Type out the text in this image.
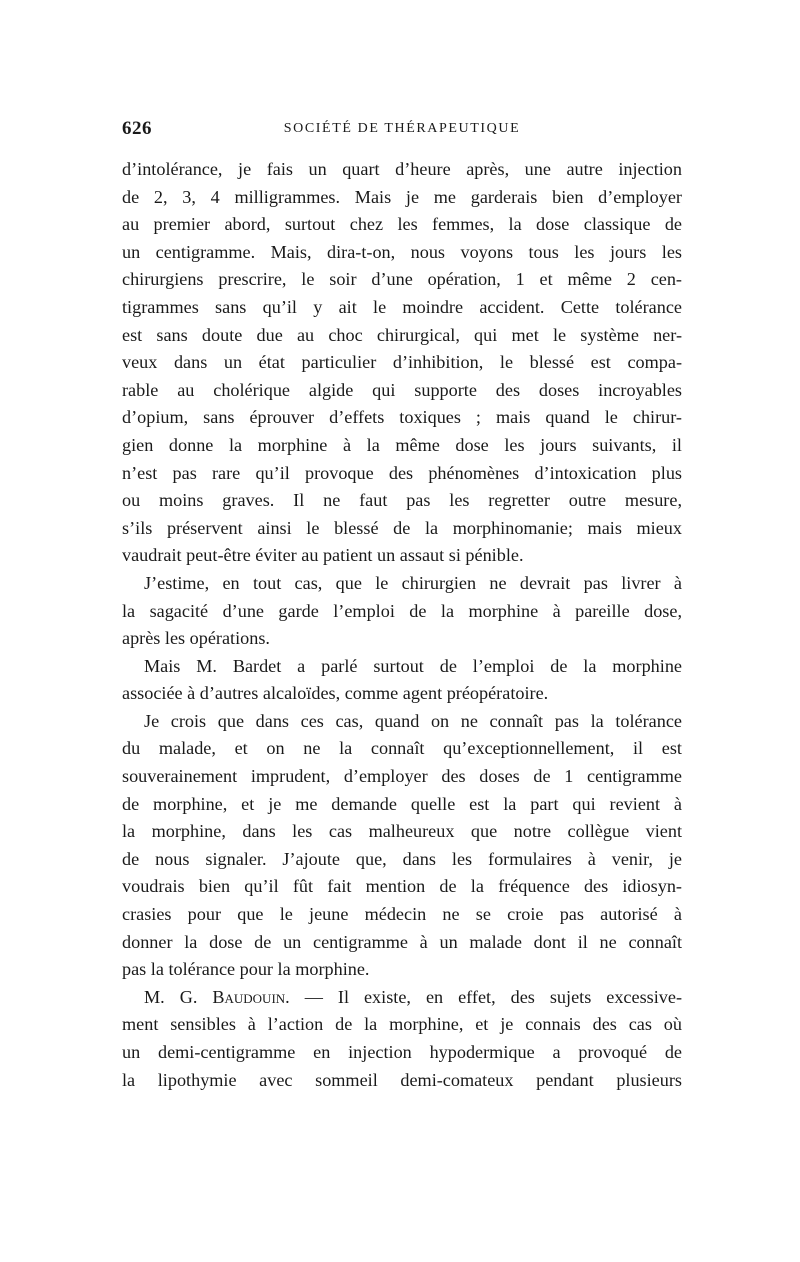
626	SOCIÉTÉ DE THÉRAPEUTIQUE
d’intolérance, je fais un quart d’heure après, une autre injection
de 2, 3, 4 milligrammes. Mais je me garderais bien d’employer
au premier abord, surtout chez les femmes, la dose classique de
un centigramme. Mais, dira-t-on, nous voyons tous les jours les
chirurgiens prescrire, le soir d’une opération, 1 et même 2 cen-
tigrammes sans qu’il y ait le moindre accident. Cette tolérance
est sans doute due au choc chirurgical, qui met le système ner-
veux dans un état particulier d’inhibition, le blessé est compa-
rable au cholérique algide qui supporte des doses incroyables
d’opium, sans éprouver d’effets toxiques ; mais quand le chirur-
gien donne la morphine à la même dose les jours suivants, il
n’est pas rare qu’il provoque des phénomènes d’intoxication plus
ou moins graves. Il ne faut pas les regretter outre mesure,
s’ils préservent ainsi le blessé de la morphinomanie; mais mieux
vaudrait peut-être éviter au patient un assaut si pénible.
J’estime, en tout cas, que le chirurgien ne devrait pas livrer à
la sagacité d’une garde l’emploi de la morphine à pareille dose,
après les opérations.
Mais M. Bardet a parlé surtout de l’emploi de la morphine
associée à d’autres alcaloïdes, comme agent préopératoire.
Je crois que dans ces cas, quand on ne connaît pas la tolérance
du malade, et on ne la connaît qu’exceptionnellement, il est
souverainement imprudent, d’employer des doses de 1 centigramme
de morphine, et je me demande quelle est la part qui revient à
la morphine, dans les cas malheureux que notre collègue vient
de nous signaler. J’ajoute que, dans les formulaires à venir, je
voudrais bien qu’il fût fait mention de la fréquence des idiosyn-
crasies pour que le jeune médecin ne se croie pas autorisé à
donner la dose de un centigramme à un malade dont il ne connaît
pas la tolérance pour la morphine.
M. G. Baudouin. — Il existe, en effet, des sujets excessive-
ment sensibles à l’action de la morphine, et je connais des cas où
un demi-centigramme en injection hypodermique a provoqué de
la lipothymie avec sommeil demi-comateux pendant plusieurs
